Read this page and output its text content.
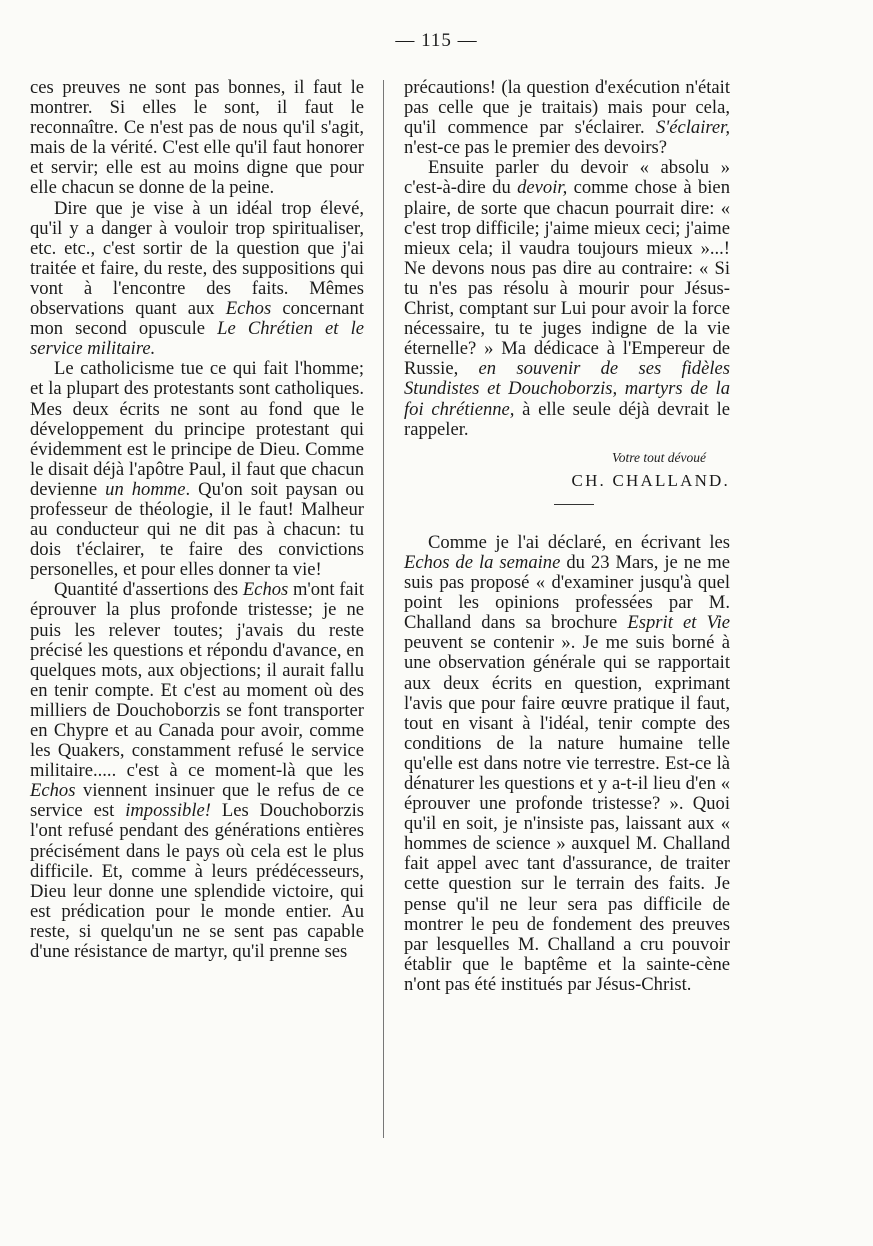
— 115 —

ces preuves ne sont pas bonnes, il faut le montrer. Si elles le sont, il faut le reconnaître. Ce n'est pas de nous qu'il s'agit, mais de la vérité. C'est elle qu'il faut honorer et servir; elle est au moins digne que pour elle chacun se donne de la peine.

Dire que je vise à un idéal trop élevé, qu'il y a danger à vouloir trop spiritualiser, etc. etc., c'est sortir de la question que j'ai traitée et faire, du reste, des suppositions qui vont à l'encontre des faits. Mêmes observations quant aux Echos concernant mon second opuscule Le Chrétien et le service militaire.

Le catholicisme tue ce qui fait l'homme; et la plupart des protestants sont catholiques. Mes deux écrits ne sont au fond que le développement du principe protestant qui évidemment est le principe de Dieu. Comme le disait déjà l'apôtre Paul, il faut que chacun devienne un homme. Qu'on soit paysan ou professeur de théologie, il le faut! Malheur au conducteur qui ne dit pas à chacun: tu dois t'éclairer, te faire des convictions personelles, et pour elles donner ta vie!

Quantité d'assertions des Echos m'ont fait éprouver la plus profonde tristesse; je ne puis les relever toutes; j'avais du reste précisé les questions et répondu d'avance, en quelques mots, aux objections; il aurait fallu en tenir compte. Et c'est au moment où des milliers de Douchoborzis se font transporter en Chypre et au Canada pour avoir, comme les Quakers, constamment refusé le service militaire..... c'est à ce moment-là que les Echos viennent insinuer que le refus de ce service est impossible! Les Douchoborzis l'ont refusé pendant des générations entières précisément dans le pays où cela est le plus difficile. Et, comme à leurs prédécesseurs, Dieu leur donne une splendide victoire, qui est prédication pour le monde entier. Au reste, si quelqu'un ne se sent pas capable d'une résistance de martyr, qu'il prenne ses

précautions! (la question d'exécution n'était pas celle que je traitais) mais pour cela, qu'il commence par s'éclairer. S'éclairer, n'est-ce pas le premier des devoirs?

Ensuite parler du devoir « absolu » c'est-à-dire du devoir, comme chose à bien plaire, de sorte que chacun pourrait dire: « c'est trop difficile; j'aime mieux ceci; j'aime mieux cela; il vaudra toujours mieux »...! Ne devons nous pas dire au contraire: « Si tu n'es pas résolu à mourir pour Jésus-Christ, comptant sur Lui pour avoir la force nécessaire, tu te juges indigne de la vie éternelle? » Ma dédicace à l'Empereur de Russie, en souvenir de ses fidèles Stundistes et Douchoborzis, martyrs de la foi chrétienne, à elle seule déjà devrait le rappeler.

Votre tout dévoué
CH. CHALLAND.

Comme je l'ai déclaré, en écrivant les Echos de la semaine du 23 Mars, je ne me suis pas proposé « d'examiner jusqu'à quel point les opinions professées par M. Challand dans sa brochure Esprit et Vie peuvent se contenir ». Je me suis borné à une observation générale qui se rapportait aux deux écrits en question, exprimant l'avis que pour faire œuvre pratique il faut, tout en visant à l'idéal, tenir compte des conditions de la nature humaine telle qu'elle est dans notre vie terrestre. Est-ce là dénaturer les questions et y a-t-il lieu d'en « éprouver une profonde tristesse? ». Quoi qu'il en soit, je n'insiste pas, laissant aux « hommes de science » auxquel M. Challand fait appel avec tant d'assurance, de traiter cette question sur le terrain des faits. Je pense qu'il ne leur sera pas difficile de montrer le peu de fondement des preuves par lesquelles M. Challand a cru pouvoir établir que le baptême et la sainte-cène n'ont pas été institués par Jésus-Christ.
